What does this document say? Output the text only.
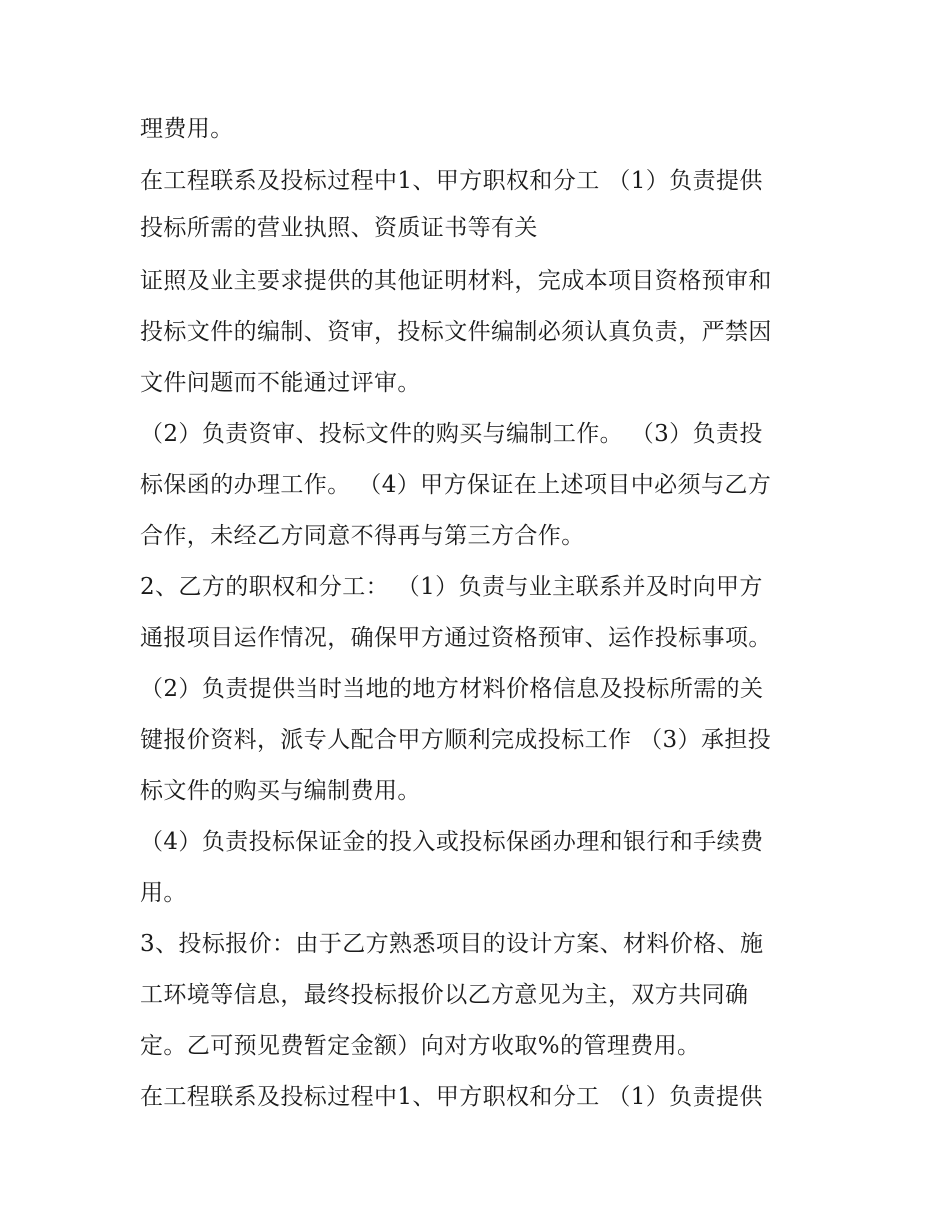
理费用。
在工程联系及投标过程中1、甲方职权和分工 （1）负责提供
投标所需的营业执照、资质证书等有关
证照及业主要求提供的其他证明材料，完成本项目资格预审和
投标文件的编制、资审，投标文件编制必须认真负责，严禁因
文件问题而不能通过评审。
（2）负责资审、投标文件的购买与编制工作。 （3）负责投
标保函的办理工作。 （4）甲方保证在上述项目中必须与乙方
合作，未经乙方同意不得再与第三方合作。
2、乙方的职权和分工： （1）负责与业主联系并及时向甲方
通报项目运作情况，确保甲方通过资格预审、运作投标事项。
（2）负责提供当时当地的地方材料价格信息及投标所需的关
键报价资料，派专人配合甲方顺利完成投标工作 （3）承担投
标文件的购买与编制费用。
（4）负责投标保证金的投入或投标保函办理和银行和手续费
用。
3、投标报价：由于乙方熟悉项目的设计方案、材料价格、施
工环境等信息，最终投标报价以乙方意见为主，双方共同确
定。乙可预见费暂定金额）向对方收取%的管理费用。
在工程联系及投标过程中1、甲方职权和分工 （1）负责提供
